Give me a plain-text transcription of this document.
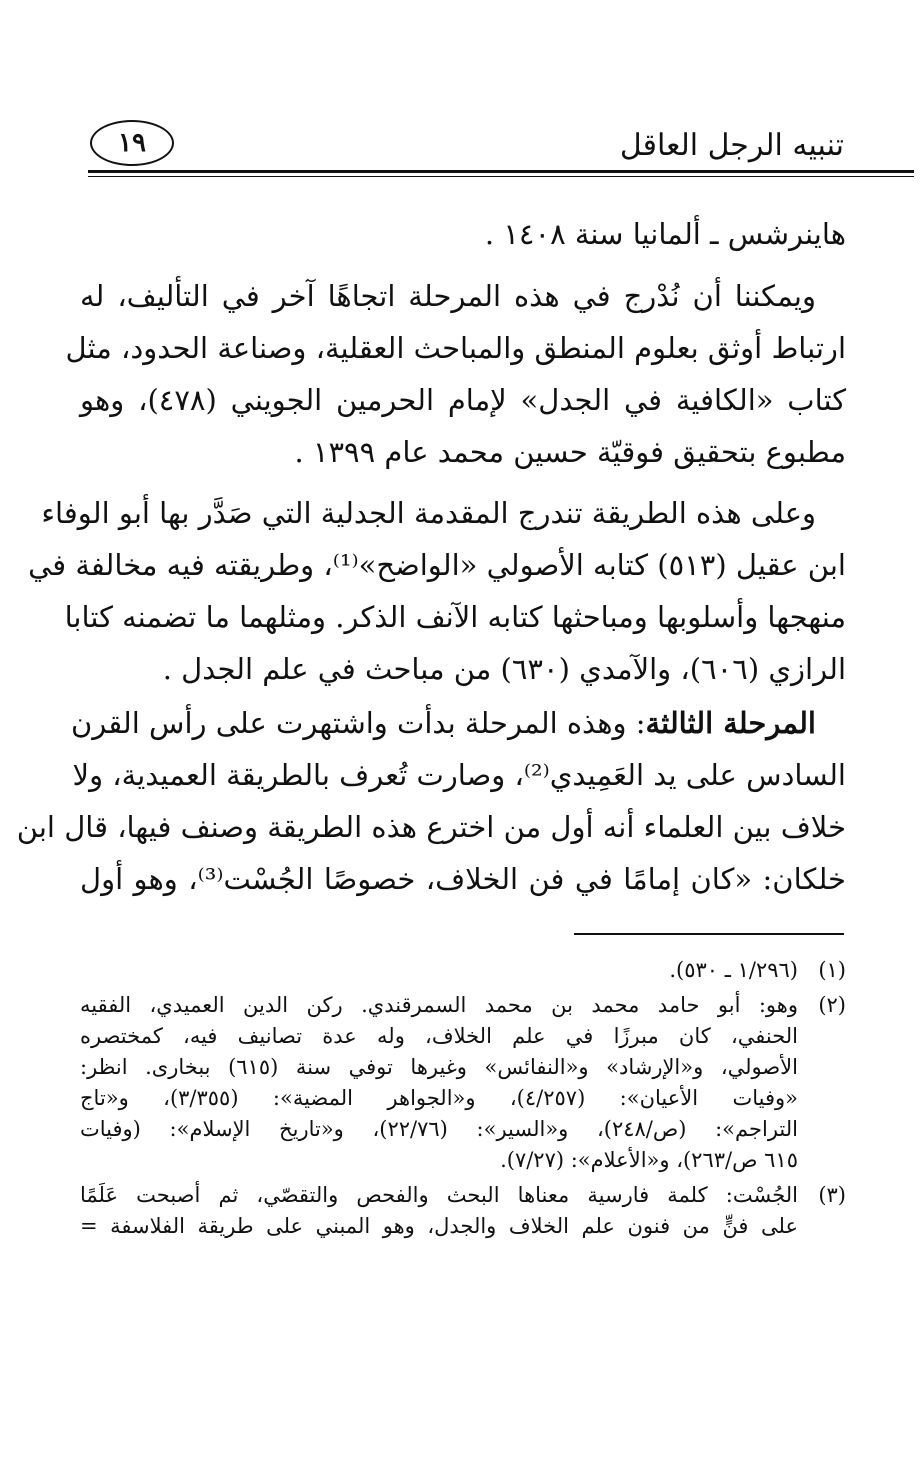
تنبيه الرجل العاقل
١٩
هاينرشس ـ ألمانيا سنة ١٤٠٨ .
ويمكننا أن نُدْرج في هذه المرحلة اتجاهًا آخر في التأليف، له
ارتباط أوثق بعلوم المنطق والمباحث العقلية، وصناعة الحدود، مثل
كتاب «الكافية في الجدل» لإمام الحرمين الجويني (٤٧٨)، وهو
مطبوع بتحقيق فوقيّة حسين محمد عام ١٣٩٩ .
وعلى هذه الطريقة تندرج المقدمة الجدلية التي صَدَّر بها أبو الوفاء
ابن عقيل (٥١٣) كتابه الأصولي «الواضح»⁽¹⁾، وطريقته فيه مخالفة في
منهجها وأسلوبها ومباحثها كتابه الآنف الذكر. ومثلهما ما تضمنه كتابا
الرازي (٦٠٦)، والآمدي (٦٣٠) من مباحث في علم الجدل .
المرحلة الثالثة: وهذه المرحلة بدأت واشتهرت على رأس القرن
السادس على يد العَمِيدي⁽²⁾، وصارت تُعرف بالطريقة العميدية، ولا
خلاف بين العلماء أنه أول من اخترع هذه الطريقة وصنف فيها، قال ابن
خلكان: «كان إمامًا في فن الخلاف، خصوصًا الجُسْت⁽³⁾، وهو أول
(١)
(١/٢٩٦ ـ ٥٣٠).
(٢)
وهو: أبو حامد محمد بن محمد السمرقندي. ركن الدين العميدي، الفقيه
الحنفي، كان مبرزًا في علم الخلاف، وله عدة تصانيف فيه، كمختصره
الأصولي، و«الإرشاد» و«النفائس» وغيرها توفي سنة (٦١٥) ببخارى. انظر:
«وفيات الأعيان»: (٤/٢٥٧)، و«الجواهر المضية»: (٣/٣٥٥)، و«تاج
التراجم»: (ص/٢٤٨)، و«السير»: (٢٢/٧٦)، و«تاريخ الإسلام»: (وفيات
٦١٥ ص/٢٦٣)، و«الأعلام»: (٧/٢٧).
(٣)
الجُسْت: كلمة فارسية معناها البحث والفحص والتقصّي، ثم أصبحت عَلَمًا
على فنٍّ من فنون علم الخلاف والجدل، وهو المبني على طريقة الفلاسفة =
